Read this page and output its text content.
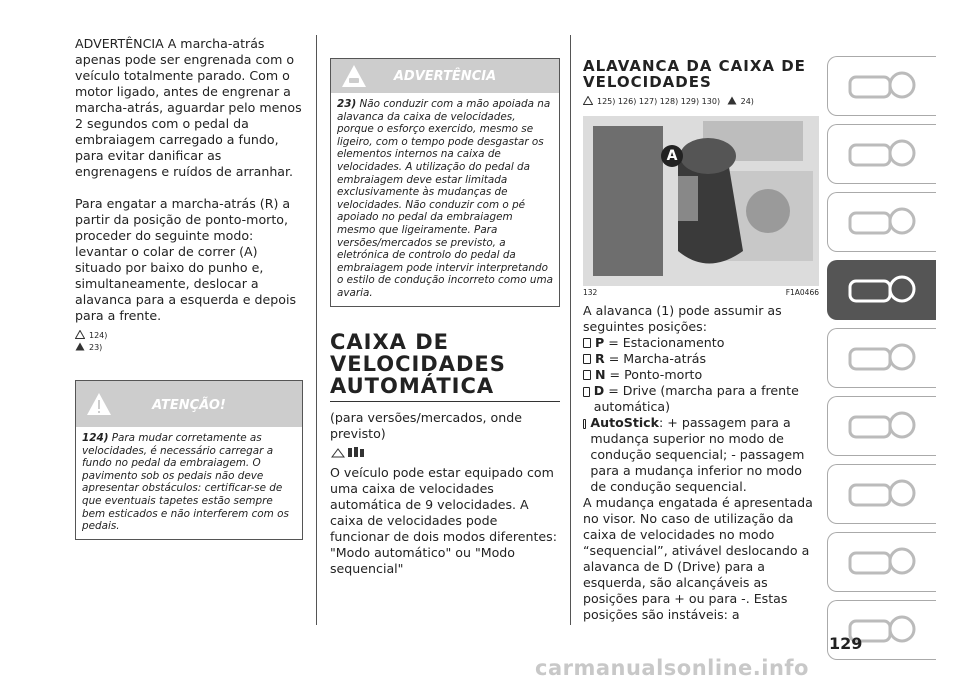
ADVERTÊNCIA A marcha-atrás apenas pode ser engrenada com o veículo totalmente parado. Com o motor ligado, antes de engrenar a marcha-atrás, aguardar pelo menos 2 segundos com o pedal da embraiagem carregado a fundo, para evitar danificar as engrenagens e ruídos de arranhar.

Para engatar a marcha-atrás (R) a partir da posição de ponto-morto, proceder do seguinte modo: levantar o colar de correr (A) situado por baixo do punho e, simultaneamente, deslocar a alavanca para a esquerda e depois para a frente.

124)
23)
ATENÇÃO!
124) Para mudar corretamente as velocidades, é necessário carregar a fundo no pedal da embraiagem. O pavimento sob os pedais não deve apresentar obstáculos: certificar-se de que eventuais tapetes estão sempre bem esticados e não interferem com os pedais.
ADVERTÊNCIA
23) Não conduzir com a mão apoiada na alavanca da caixa de velocidades, porque o esforço exercido, mesmo se ligeiro, com o tempo pode desgastar os elementos internos na caixa de velocidades. A utilização do pedal da embraiagem deve estar limitada exclusivamente às mudanças de velocidades. Não conduzir com o pé apoiado no pedal da embraiagem mesmo que ligeiramente. Para versões/mercados se previsto, a eletrónica de controlo do pedal da embraiagem pode intervir interpretando o estilo de condução incorreto como uma avaria.
CAIXA DE
VELOCIDADES
AUTOMÁTICA

(para versões/mercados, onde previsto)

O veículo pode estar equipado com uma caixa de velocidades automática de 9 velocidades. A caixa de velocidades pode funcionar de dois modos diferentes: "Modo automático" ou "Modo sequencial"

ALAVANCA DA CAIXA DE
VELOCIDADES
125) 126) 127) 128) 129) 130)	24)
A
132	F1A0466

A alavanca (1) pode assumir as seguintes posições:

P = Estacionamento
R = Marcha-atrás
N = Ponto-morto
D = Drive (marcha para a frente automática)
AutoStick: + passagem para a mudança superior no modo de condução sequencial; - passagem para a mudança inferior no modo de condução sequencial.

A mudança engatada é apresentada no visor. No caso de utilização da caixa de velocidades no modo “sequencial”, ativável deslocando a alavanca de D (Drive) para a esquerda, são alcançáveis as posições para + ou para -. Estas posições são instáveis: a

129
carmanualsonline.info
